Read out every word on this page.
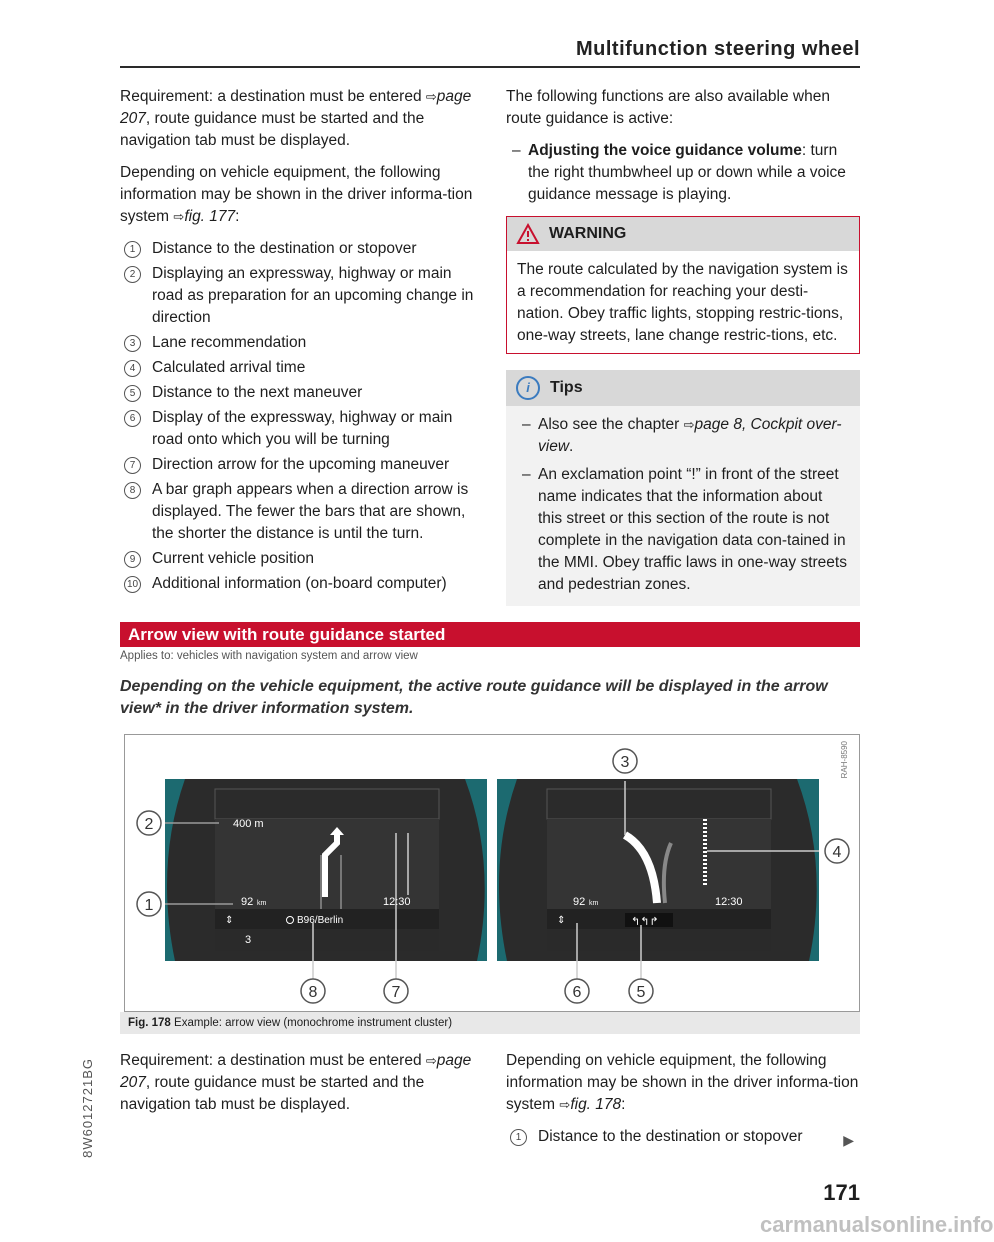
Multifunction steering wheel

Requirement: a destination must be entered ⇨page 207, route guidance must be started and the navigation tab must be displayed.

Depending on vehicle equipment, the following information may be shown in the driver informa-tion system ⇨fig. 177:

1	Distance to the destination or stopover
2	Displaying an expressway, highway or main road as preparation for an upcoming change in direction
3	Lane recommendation
4	Calculated arrival time
5	Distance to the next maneuver
6	Display of the expressway, highway or main road onto which you will be turning
7	Direction arrow for the upcoming maneuver
8	A bar graph appears when a direction arrow is displayed. The fewer the bars that are shown, the shorter the distance is until the turn.
9	Current vehicle position
10 Additional information (on-board computer)

The following functions are also available when route guidance is active:

– Adjusting the voice guidance volume: turn the right thumbwheel up or down while a voice guidance message is playing.
WARNING
The route calculated by the navigation system is a recommendation for reaching your desti-nation. Obey traffic lights, stopping restric-tions, one-way streets, lane change restric-tions, etc.
i	Tips
– Also see the chapter ⇨page 8, Cockpit over-view.
– An exclamation point “!” in front of the street name indicates that the information about this street or this section of the route is not complete in the navigation data con-tained in the MMI. Obey traffic laws in one-way streets and pedestrian zones.
Arrow view with route guidance started
Applies to: vehicles with navigation system and arrow view
Depending on the vehicle equipment, the active route guidance will be displayed in the arrow view* in the driver information system.
RAH-8590
400 m
92 km	12:30
⇕	B96/Berlin
3
↰↰↱
⇕
92 km	12:30
1
2
3
4
5
6
7
8
Fig. 178 Example: arrow view (monochrome instrument cluster)

Requirement: a destination must be entered ⇨page 207, route guidance must be started and the navigation tab must be displayed.

Depending on vehicle equipment, the following information may be shown in the driver informa-tion system ⇨fig. 178:

1	Distance to the destination or stopover	▶
8W6012721BG
171
carmanualsonline.info
